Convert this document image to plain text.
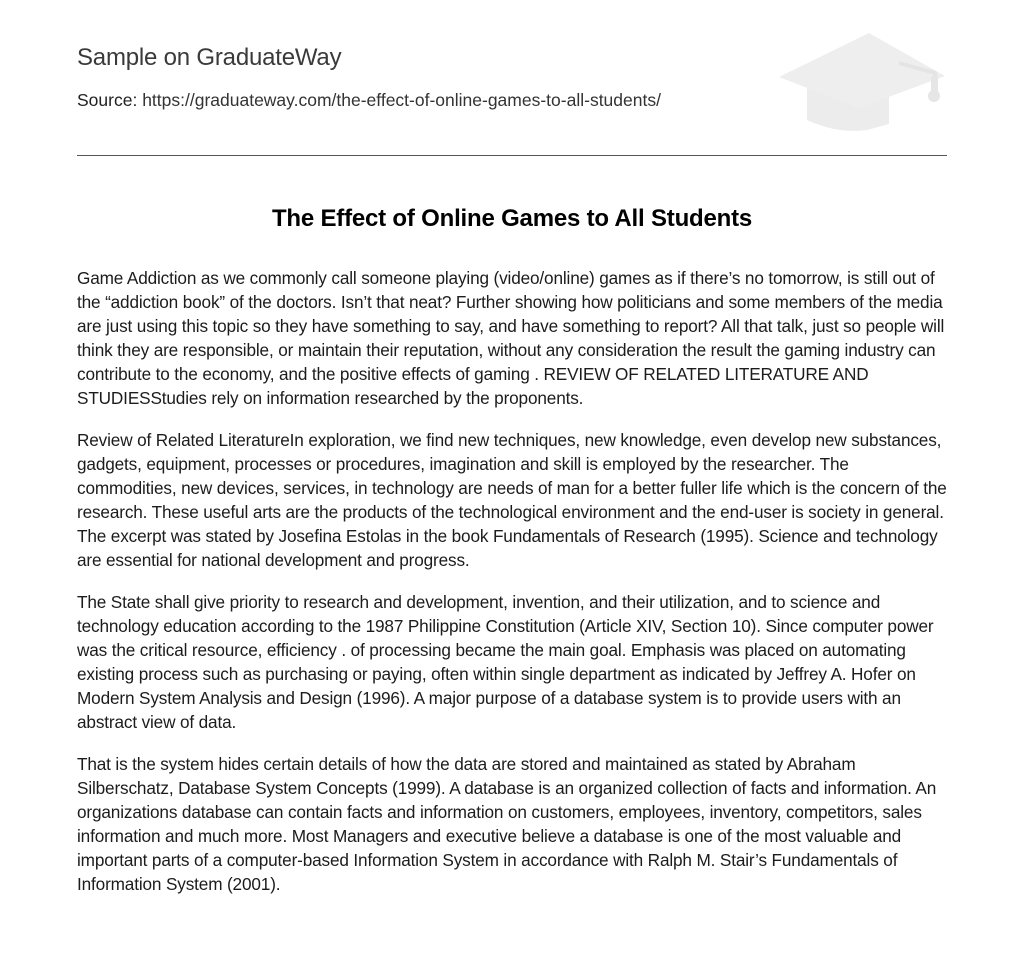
Sample on GraduateWay
Source: https://graduateway.com/the-effect-of-online-games-to-all-students/
The Effect of Online Games to All Students

Game Addiction as we commonly call someone playing (video/online) games as if there’s no tomorrow, is still out of the “addiction book” of the doctors. Isn’t that neat? Further showing how politicians and some members of the media are just using this topic so they have something to say, and have something to report? All that talk, just so people will think they are responsible, or maintain their reputation, without any consideration the result the gaming industry can contribute to the economy, and the positive effects of gaming . REVIEW OF RELATED LITERATURE AND STUDIESStudies rely on information researched by the proponents.

Review of Related LiteratureIn exploration, we find new techniques, new knowledge, even develop new substances, gadgets, equipment, processes or procedures, imagination and skill is employed by the researcher. The commodities, new devices, services, in technology are needs of man for a better fuller life which is the concern of the research. These useful arts are the products of the technological environment and the end-user is society in general. The excerpt was stated by Josefina Estolas in the book Fundamentals of Research (1995). Science and technology are essential for national development and progress.

The State shall give priority to research and development, invention, and their utilization, and to science and technology education according to the 1987 Philippine Constitution (Article XIV, Section 10). Since computer power was the critical resource, efficiency . of processing became the main goal. Emphasis was placed on automating existing process such as purchasing or paying, often within single department as indicated by Jeffrey A. Hofer on Modern System Analysis and Design (1996). A major purpose of a database system is to provide users with an abstract view of data.

That is the system hides certain details of how the data are stored and maintained as stated by Abraham Silberschatz, Database System Concepts (1999). A database is an organized collection of facts and information. An organizations database can contain facts and information on customers, employees, inventory, competitors, sales information and much more. Most Managers and executive believe a database is one of the most valuable and important parts of a computer-based Information System in accordance with Ralph M. Stair’s Fundamentals of Information System (2001).
